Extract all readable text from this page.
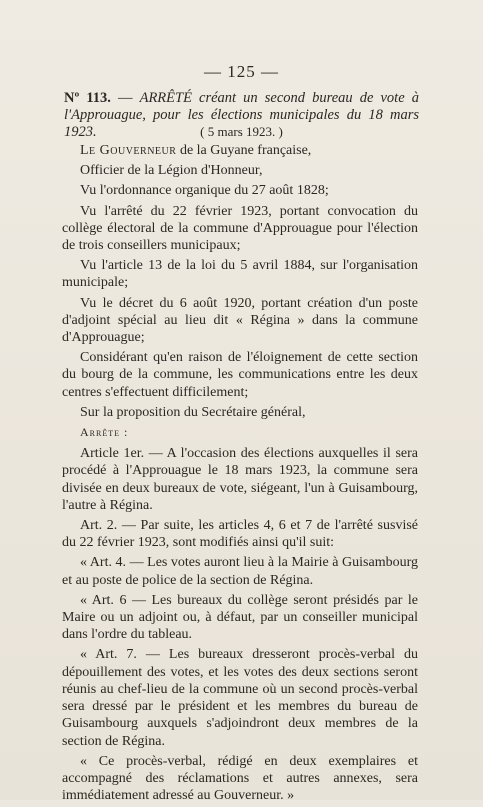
— 125 —
Nº 113. — ARRÊTÉ créant un second bureau de vote à l'Approuague, pour les élections municipales du 18 mars 1923.	( 5 mars 1923. )

Le Gouverneur de la Guyane française,

Officier de la Légion d'Honneur,

Vu l'ordonnance organique du 27 août 1828;

Vu l'arrêté du 22 février 1923, portant convocation du collège électoral de la commune d'Approuague pour l'élection de trois conseillers municipaux;

Vu l'article 13 de la loi du 5 avril 1884, sur l'organisation municipale;

Vu le décret du 6 août 1920, portant création d'un poste d'adjoint spécial au lieu dit « Régina » dans la commune d'Approuague;

Considérant qu'en raison de l'éloignement de cette section du bourg de la commune, les communications entre les deux centres s'effectuent difficilement;

Sur la proposition du Secrétaire général,

Arrête :

Article 1er. — A l'occasion des élections auxquelles il sera procédé à l'Approuague le 18 mars 1923, la commune sera divisée en deux bureaux de vote, siégeant, l'un à Guisambourg, l'autre à Régina.

Art. 2. — Par suite, les articles 4, 6 et 7 de l'arrêté susvisé du 22 février 1923, sont modifiés ainsi qu'il suit:

« Art. 4. — Les votes auront lieu à la Mairie à Guisambourg et au poste de police de la section de Régina.

« Art. 6 — Les bureaux du collège seront présidés par le Maire ou un adjoint ou, à défaut, par un conseiller municipal dans l'ordre du tableau.

« Art. 7. — Les bureaux dresseront procès-verbal du dépouillement des votes, et les votes des deux sections seront réunis au chef-lieu de la commune où un second procès-verbal sera dressé par le président et les membres du bureau de Guisambourg auxquels s'adjoindront deux membres de la section de Régina.

« Ce procès-verbal, rédigé en deux exemplaires et accompagné des réclamations et autres annexes, sera immédiatement adressé au Gouverneur. »
